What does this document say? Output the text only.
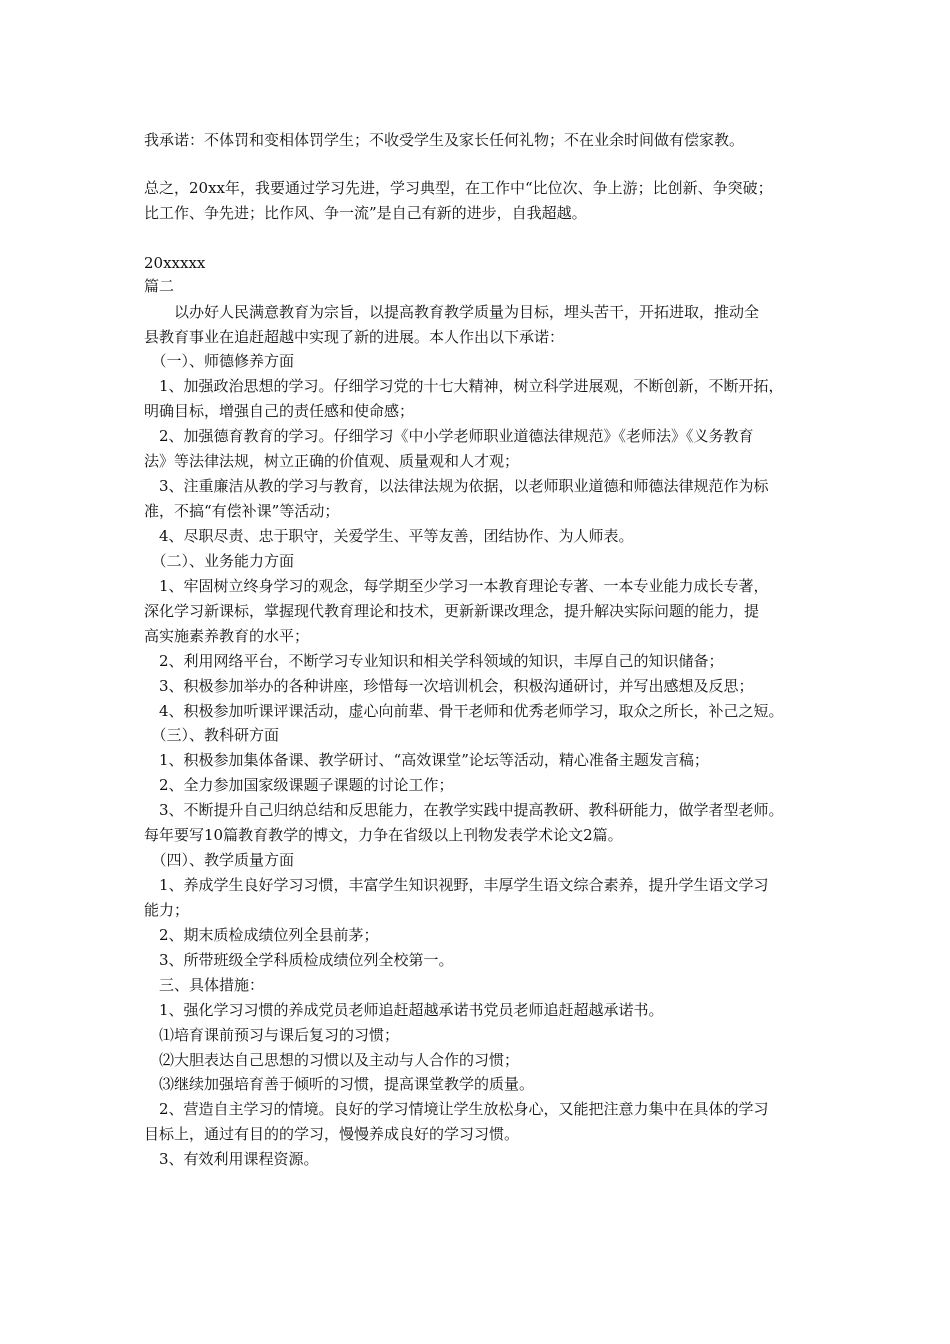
我承诺：不体罚和变相体罚学生；不收受学生及家长任何礼物；不在业余时间做有偿家教。
总之，20xx年，我要通过学习先进，学习典型，在工作中“比位次、争上游；比创新、争突破；
比工作、争先进；比作风、争一流”是自己有新的进步，自我超越。
20xxxxx
篇二
　　以办好人民满意教育为宗旨，以提高教育教学质量为目标，埋头苦干，开拓进取，推动全
县教育事业在追赶超越中实现了新的进展。本人作出以下承诺：
　（一）、师德修养方面
　1、加强政治思想的学习。仔细学习党的十七大精神，树立科学进展观，不断创新，不断开拓，
明确目标，增强自己的责任感和使命感；
　2、加强德育教育的学习。仔细学习《中小学老师职业道德法律规范》《老师法》《义务教育
法》等法律法规，树立正确的价值观、质量观和人才观；
　3、注重廉洁从教的学习与教育，以法律法规为依据，以老师职业道德和师德法律规范作为标
准，不搞“有偿补课”等活动；
　4、尽职尽责、忠于职守，关爱学生、平等友善，团结协作、为人师表。
　（二）、业务能力方面
　1、牢固树立终身学习的观念，每学期至少学习一本教育理论专著、一本专业能力成长专著，
深化学习新课标，掌握现代教育理论和技术，更新新课改理念，提升解决实际问题的能力，提
高实施素养教育的水平；
　2、利用网络平台，不断学习专业知识和相关学科领域的知识，丰厚自己的知识储备；
　3、积极参加举办的各种讲座，珍惜每一次培训机会，积极沟通研讨，并写出感想及反思；
　4、积极参加听课评课活动，虚心向前辈、骨干老师和优秀老师学习，取众之所长，补己之短。
　（三）、教科研方面
　1、积极参加集体备课、教学研讨、“高效课堂”论坛等活动，精心准备主题发言稿；
　2、全力参加国家级课题子课题的讨论工作；
　3、不断提升自己归纳总结和反思能力，在教学实践中提高教研、教科研能力，做学者型老师。
每年要写10篇教育教学的博文，力争在省级以上刊物发表学术论文2篇。
　（四）、教学质量方面
　1、养成学生良好学习习惯，丰富学生知识视野，丰厚学生语文综合素养，提升学生语文学习
能力；
　2、期末质检成绩位列全县前茅；
　3、所带班级全学科质检成绩位列全校第一。
　三、具体措施：
　1、强化学习习惯的养成党员老师追赶超越承诺书党员老师追赶超越承诺书。
　⑴培育课前预习与课后复习的习惯；
　⑵大胆表达自己思想的习惯以及主动与人合作的习惯；
　⑶继续加强培育善于倾听的习惯，提高课堂教学的质量。
　2、营造自主学习的情境。良好的学习情境让学生放松身心，又能把注意力集中在具体的学习
目标上，通过有目的的学习，慢慢养成良好的学习习惯。
　3、有效利用课程资源。
